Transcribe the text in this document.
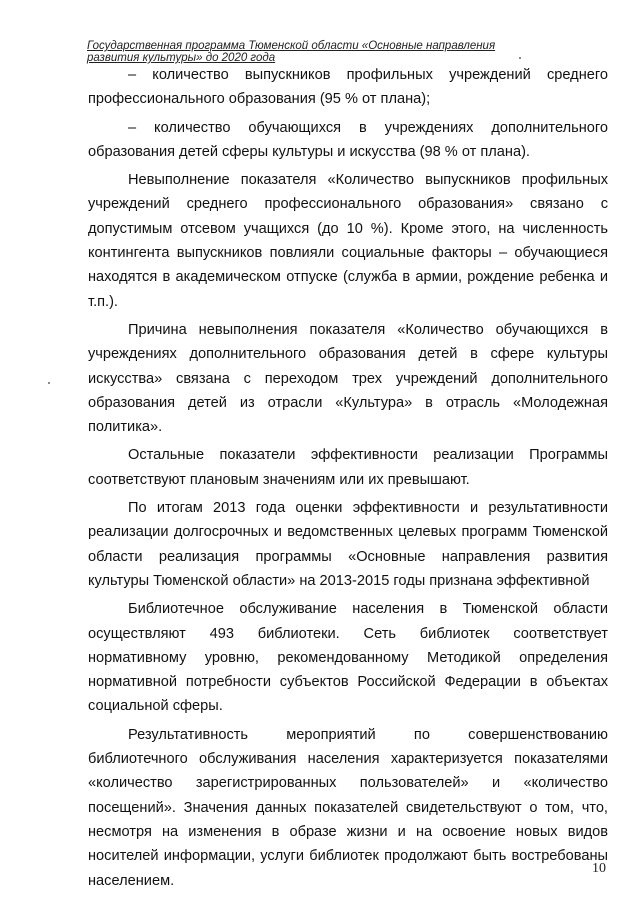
Государственная программа Тюменской области «Основные направления
развития культуры» до 2020 года

– количество выпускников профильных учреждений среднего профессионального образования (95 % от плана);

– количество обучающихся в учреждениях дополнительного образования детей сферы культуры и искусства (98 % от плана).

Невыполнение показателя «Количество выпускников профильных учреждений среднего профессионального образования» связано с допустимым отсевом учащихся (до 10 %). Кроме этого, на численность контингента выпускников повлияли социальные факторы – обучающиеся находятся в академическом отпуске (служба в армии, рождение ребенка и т.п.).

Причина невыполнения показателя «Количество обучающихся в учреждениях дополнительного образования детей в сфере культуры искусства» связана с переходом трех учреждений дополнительного образования детей из отрасли «Культура» в отрасль «Молодежная политика».

Остальные показатели эффективности реализации Программы соответствуют плановым значениям или их превышают.

По итогам 2013 года оценки эффективности и результативности реализации долгосрочных и ведомственных целевых программ Тюменской области реализация программы «Основные направления развития культуры Тюменской области» на 2013-2015 годы признана эффективной

Библиотечное обслуживание населения в Тюменской области осуществляют 493 библиотеки. Сеть библиотек соответствует нормативному уровню, рекомендованному Методикой определения нормативной потребности субъектов Российской Федерации в объектах социальной сферы.

Результативность мероприятий по совершенствованию библиотечного обслуживания населения характеризуется показателями «количество зарегистрированных пользователей» и «количество посещений». Значения данных показателей свидетельствуют о том, что, несмотря на изменения в образе жизни и на освоение новых видов носителей информации, услуги библиотек продолжают быть востребованы населением.

10
